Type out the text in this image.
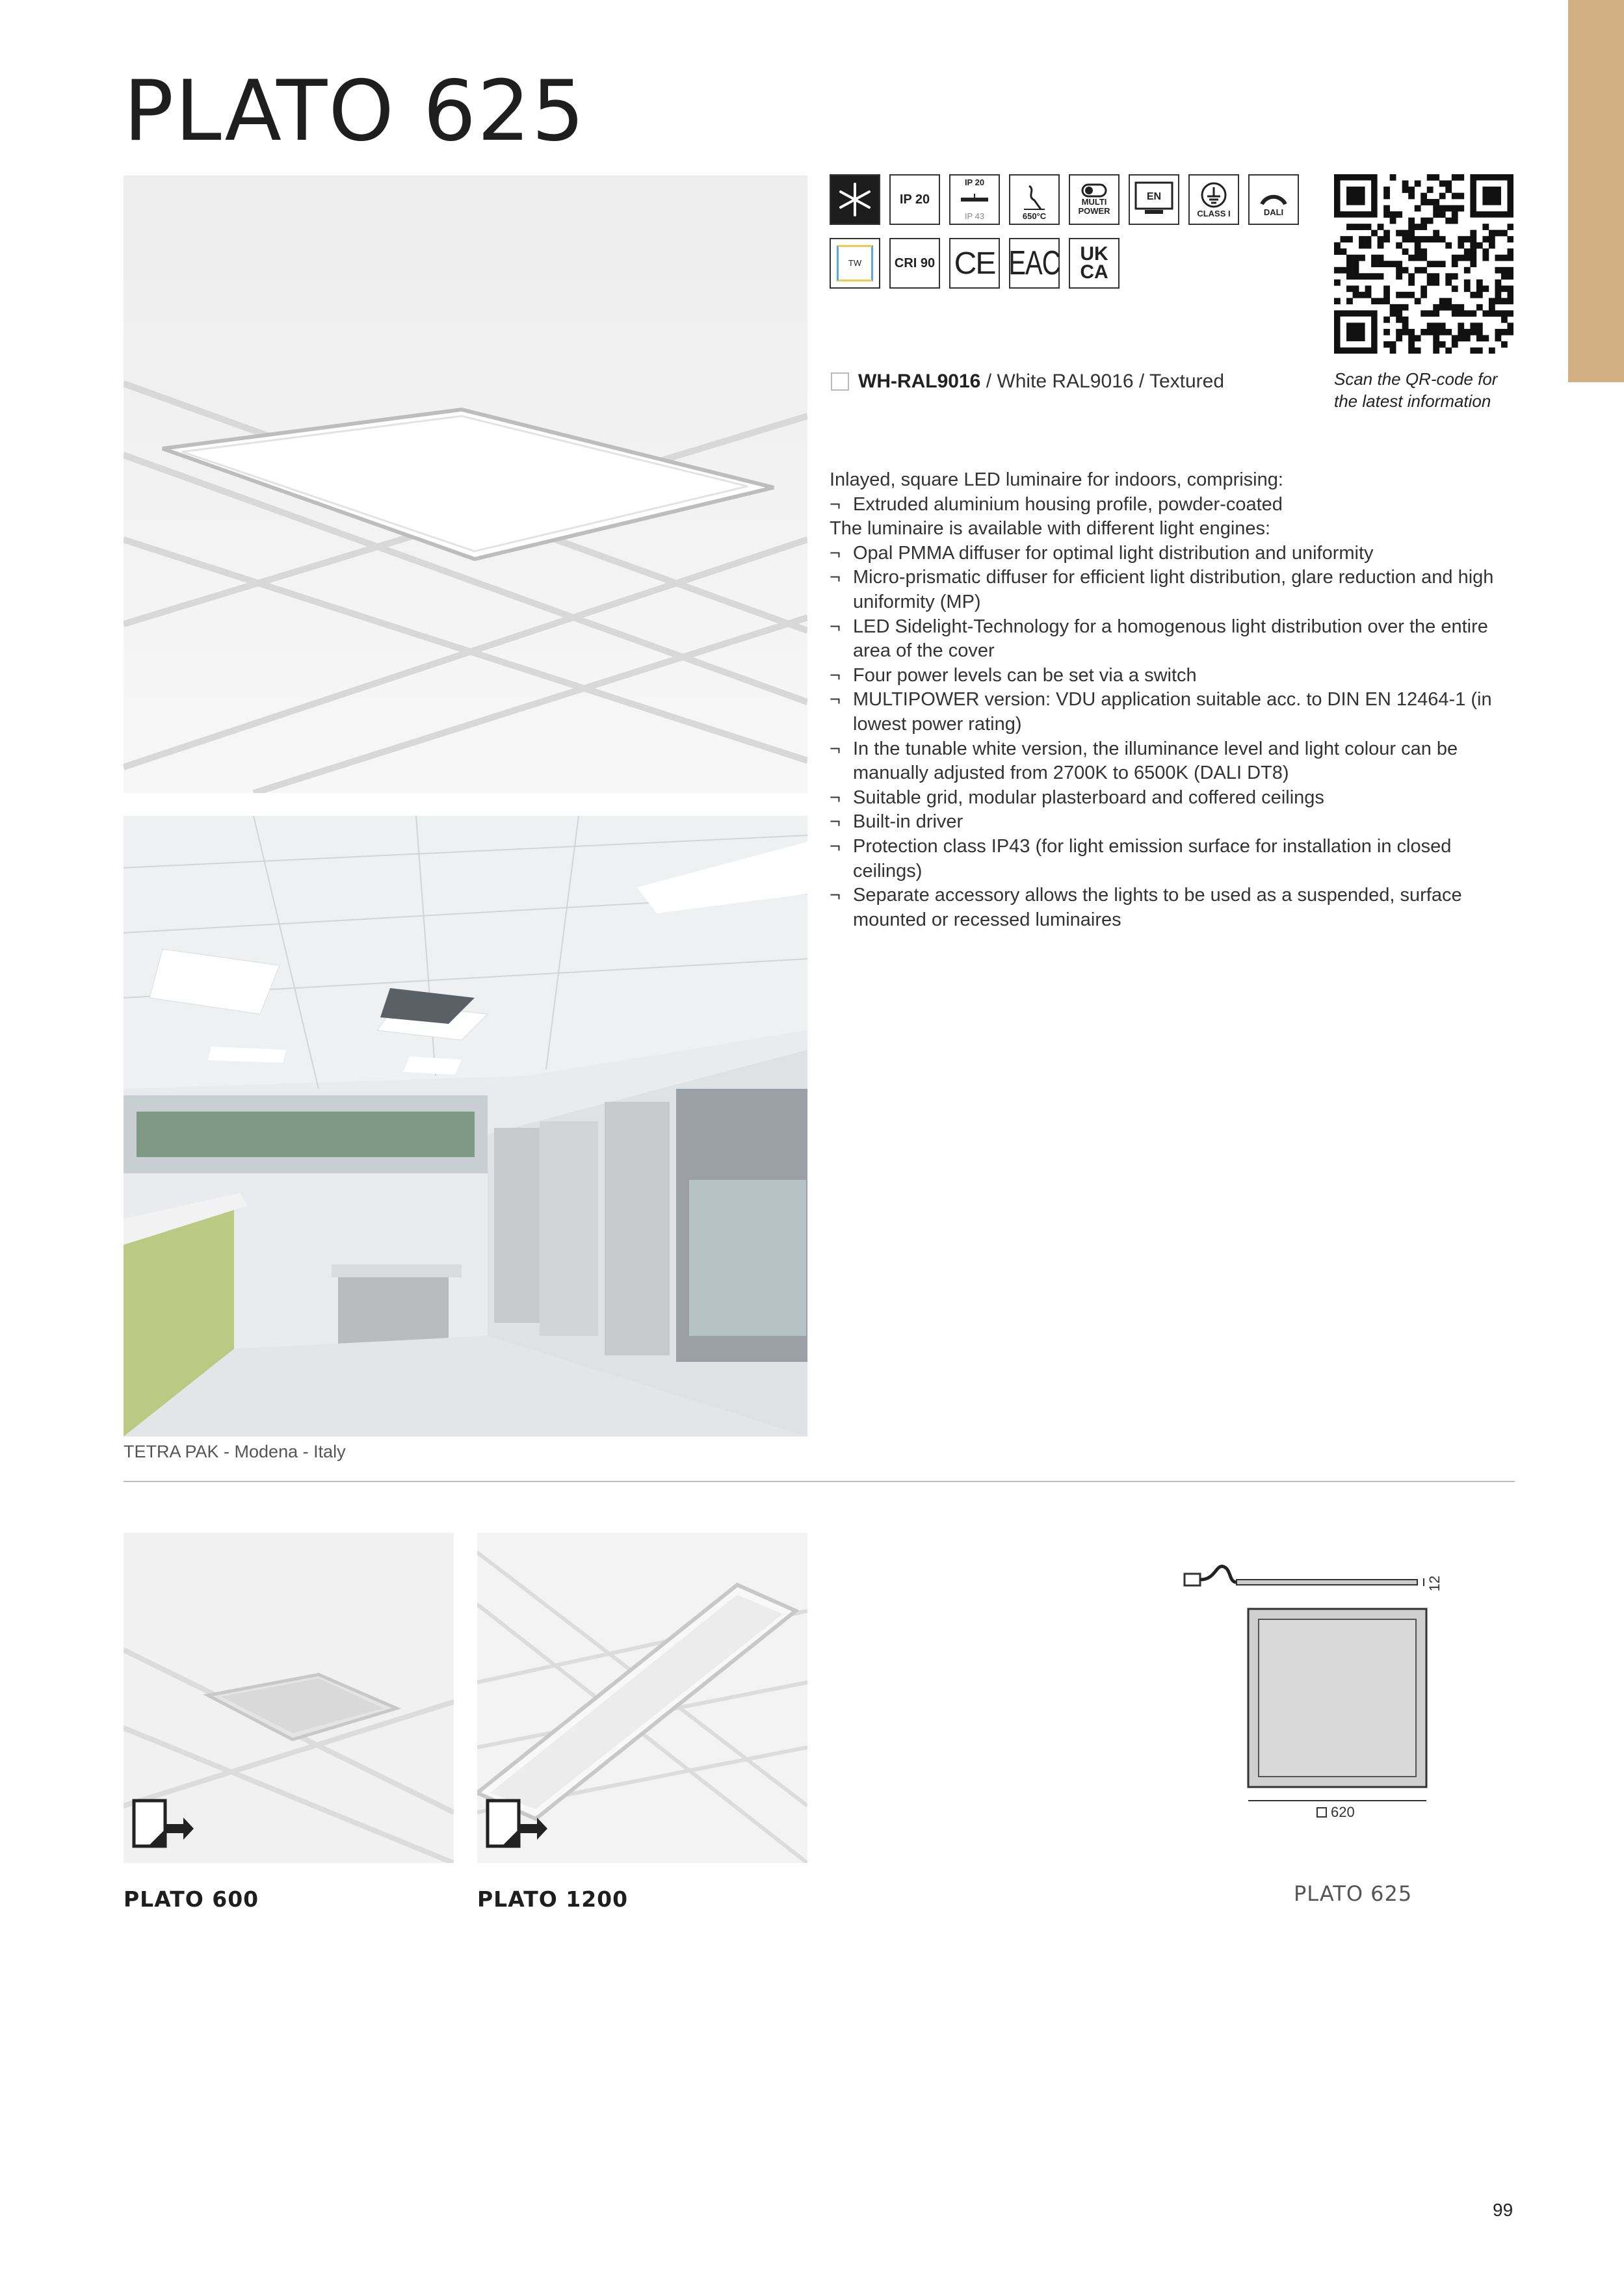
PLATO 625
TETRA PAK - Modena - Italy
IP 20
IP 20
IP 43	650°C
MULTI POWER
EN
CLASS I	DALI
TW	CRI 90 CE EAC UK CA
WH-RAL9016 / White RAL9016 / Textured	Scan the QR-code for
the latest information

Inlayed, square LED luminaire for indoors, comprising:

¬ Extruded aluminium housing profile, powder-coated

The luminaire is available with different light engines:

¬ Opal PMMA diffuser for optimal light distribution and uniformity

¬ Micro-prismatic diffuser for efficient light distribution, glare reduction and high uniformity (MP)

¬ LED Sidelight-Technology for a homogenous light distribution over the entire area of the cover

¬ Four power levels can be set via a switch

¬ MULTIPOWER version: VDU application suitable acc. to DIN EN 12464-1 (in lowest power rating)

¬ In the tunable white version, the illuminance level and light colour can be manually adjusted from 2700K to 6500K (DALI DT8)

¬ Suitable grid, modular plasterboard and coffered ceilings

¬ Built-in driver

¬ Protection class IP43 (for light emission surface for installation in closed ceilings)

¬ Separate accessory allows the lights to be used as a suspended, surface mounted or recessed luminaires

PLATO 600	PLATO 1200
12
620
PLATO 625
99
